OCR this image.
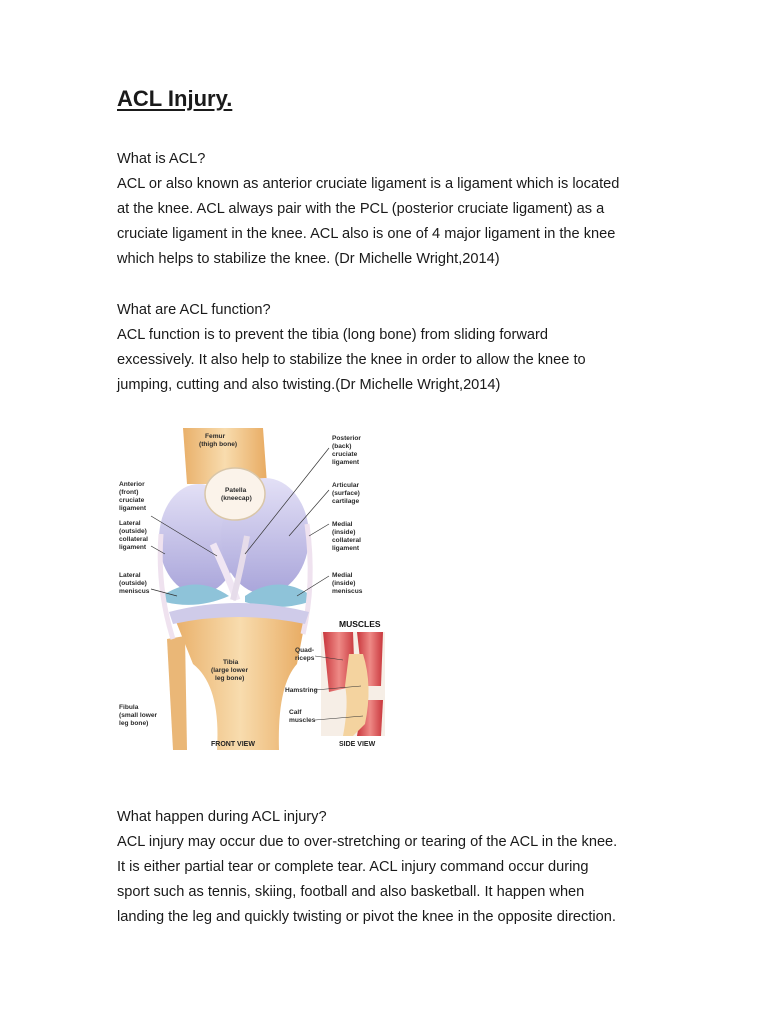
ACL Injury.

What is ACL?

ACL or also known as anterior cruciate ligament is a ligament which is located

at the knee. ACL always pair with the PCL (posterior cruciate ligament) as a

cruciate ligament in the knee. ACL also is one of 4 major ligament in the knee

which helps to stabilize the knee. (Dr Michelle Wright,2014)

What are ACL function?

ACL function is to prevent the tibia (long bone) from sliding forward

excessively. It also help to stabilize the knee in order to allow the knee to

jumping, cutting and also twisting.(Dr Michelle Wright,2014)

Femur (thigh bone)
Patella (kneecap)
Anterior (front) cruciate ligament
Lateral (outside) collateral ligament
Lateral (outside) meniscus
Posterior (back) cruciate ligament
Articular (surface) cartilage
Medial (inside) collateral ligament
Medial (inside) meniscus
Tibia (large lower leg bone)
Fibula (small lower leg bone)
FRONT VIEW
MUSCLES
Quad- riceps
Hamstring
Calf muscles
SIDE VIEW

What happen during ACL injury?

ACL injury may occur due to over-stretching or tearing of the ACL in the knee.

It is either partial tear or complete tear. ACL injury command occur during

sport such as tennis, skiing, football and also basketball. It happen when

landing the leg and quickly twisting or pivot the knee in the opposite direction.
